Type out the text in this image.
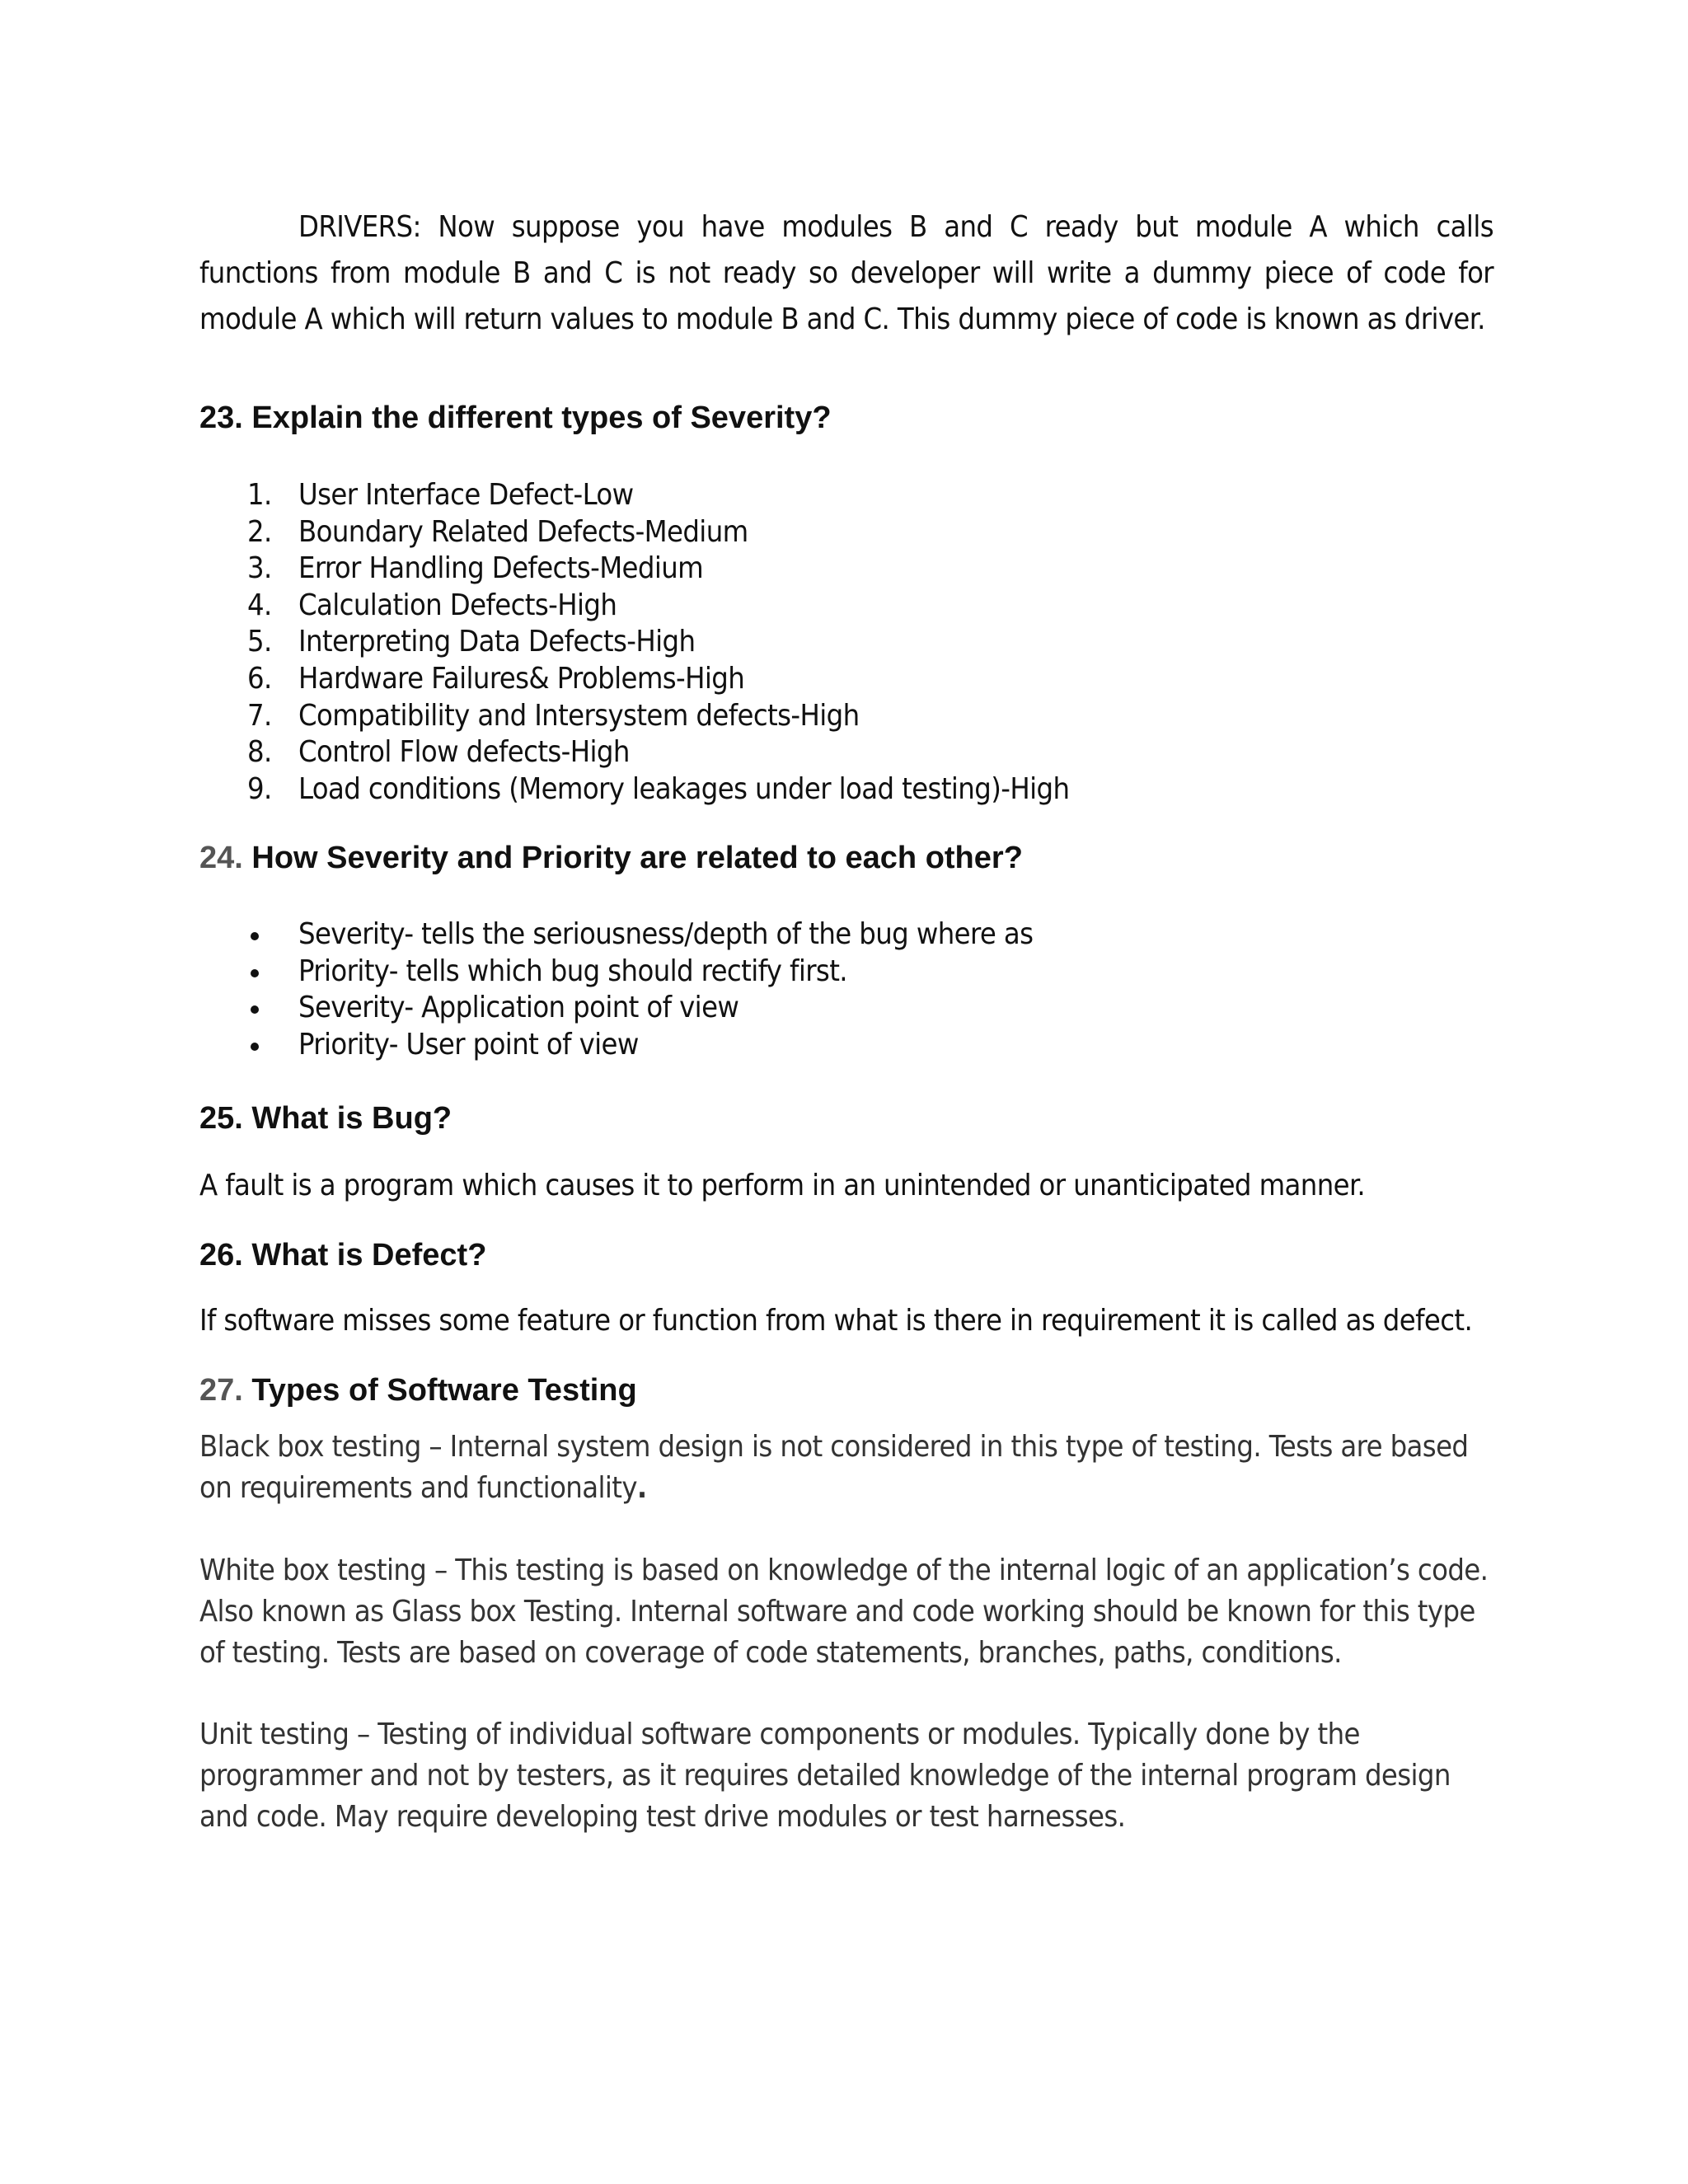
DRIVERS: Now suppose you have modules B and C ready but module A which calls functions from module B and C is not ready so developer will write a dummy piece of code for module A which will return values to module B and C. This dummy piece of code is known as driver.

23. Explain the different types of Severity?
1. User Interface Defect-Low
2. Boundary Related Defects-Medium
3. Error Handling Defects-Medium
4. Calculation Defects-High
5. Interpreting Data Defects-High
6. Hardware Failures& Problems-High
7. Compatibility and Intersystem defects-High
8. Control Flow defects-High
9. Load conditions (Memory leakages under load testing)-High
24. How Severity and Priority are related to each other?
Severity- tells the seriousness/depth of the bug where as
Priority- tells which bug should rectify first.
Severity- Application point of view
Priority- User point of view
25. What is Bug?

A fault is a program which causes it to perform in an unintended or unanticipated manner.

26. What is Defect?

If software misses some feature or function from what is there in requirement it is called as defect.

27. Types of Software Testing

Black box testing – Internal system design is not considered in this type of testing. Tests are based on requirements and functionality.

White box testing – This testing is based on knowledge of the internal logic of an application’s code. Also known as Glass box Testing. Internal software and code working should be known for this type of testing. Tests are based on coverage of code statements, branches, paths, conditions.

Unit testing – Testing of individual software components or modules. Typically done by the programmer and not by testers, as it requires detailed knowledge of the internal program design and code. May require developing test drive modules or test harnesses.
